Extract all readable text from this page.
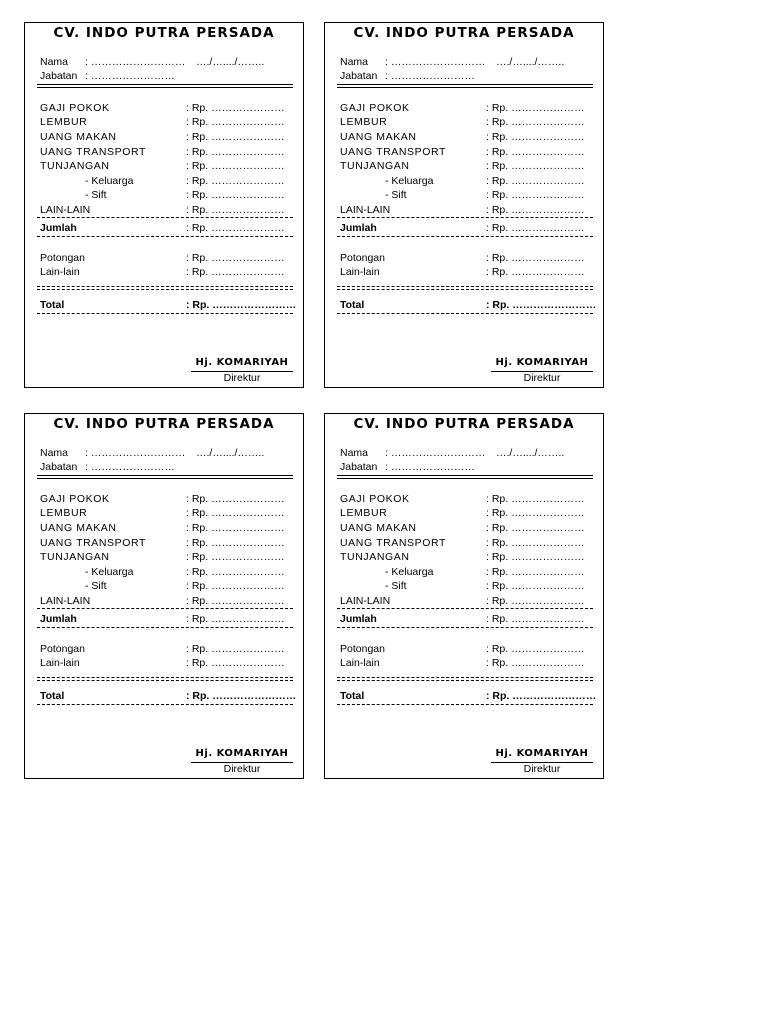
CV. INDO PUTRA PERSADA
Nama : ……………………… …./…..../……..
Jabatan : ……………………
GAJI POKOK	: Rp. …………………
LEMBUR	: Rp. …………………
UANG MAKAN	: Rp. …………………
UANG TRANSPORT	: Rp. …………………
TUNJANGAN	: Rp. …………………
- Keluarga	: Rp. …………………
- Sift	: Rp. …………………
LAIN-LAIN	: Rp. …………………
Jumlah	: Rp. …………………
Potongan	: Rp. …………………
Lain-lain	: Rp. …………………
Total	: Rp. ……………………
Hj. KOMARIYAH
Direktur
CV. INDO PUTRA PERSADA
Nama : ……………………… …./…..../……..
Jabatan : ……………………
GAJI POKOK	: Rp. …………………
LEMBUR	: Rp. …………………
UANG MAKAN	: Rp. …………………
UANG TRANSPORT	: Rp. …………………
TUNJANGAN	: Rp. …………………
- Keluarga	: Rp. …………………
- Sift	: Rp. …………………
LAIN-LAIN	: Rp. …………………
Jumlah	: Rp. …………………
Potongan	: Rp. …………………
Lain-lain	: Rp. …………………
Total	: Rp. ……………………
Hj. KOMARIYAH
Direktur
CV. INDO PUTRA PERSADA
Nama : ……………………… …./…..../……..
Jabatan : ……………………
GAJI POKOK	: Rp. …………………
LEMBUR	: Rp. …………………
UANG MAKAN	: Rp. …………………
UANG TRANSPORT	: Rp. …………………
TUNJANGAN	: Rp. …………………
- Keluarga	: Rp. …………………
- Sift	: Rp. …………………
LAIN-LAIN	: Rp. …………………
Jumlah	: Rp. …………………
Potongan	: Rp. …………………
Lain-lain	: Rp. …………………
Total	: Rp. ……………………
Hj. KOMARIYAH
Direktur
CV. INDO PUTRA PERSADA
Nama : ……………………… …./…..../……..
Jabatan : ……………………
GAJI POKOK	: Rp. …………………
LEMBUR	: Rp. …………………
UANG MAKAN	: Rp. …………………
UANG TRANSPORT	: Rp. …………………
TUNJANGAN	: Rp. …………………
- Keluarga	: Rp. …………………
- Sift	: Rp. …………………
LAIN-LAIN	: Rp. …………………
Jumlah	: Rp. …………………
Potongan	: Rp. …………………
Lain-lain	: Rp. …………………
Total	: Rp. ……………………
Hj. KOMARIYAH
Direktur
